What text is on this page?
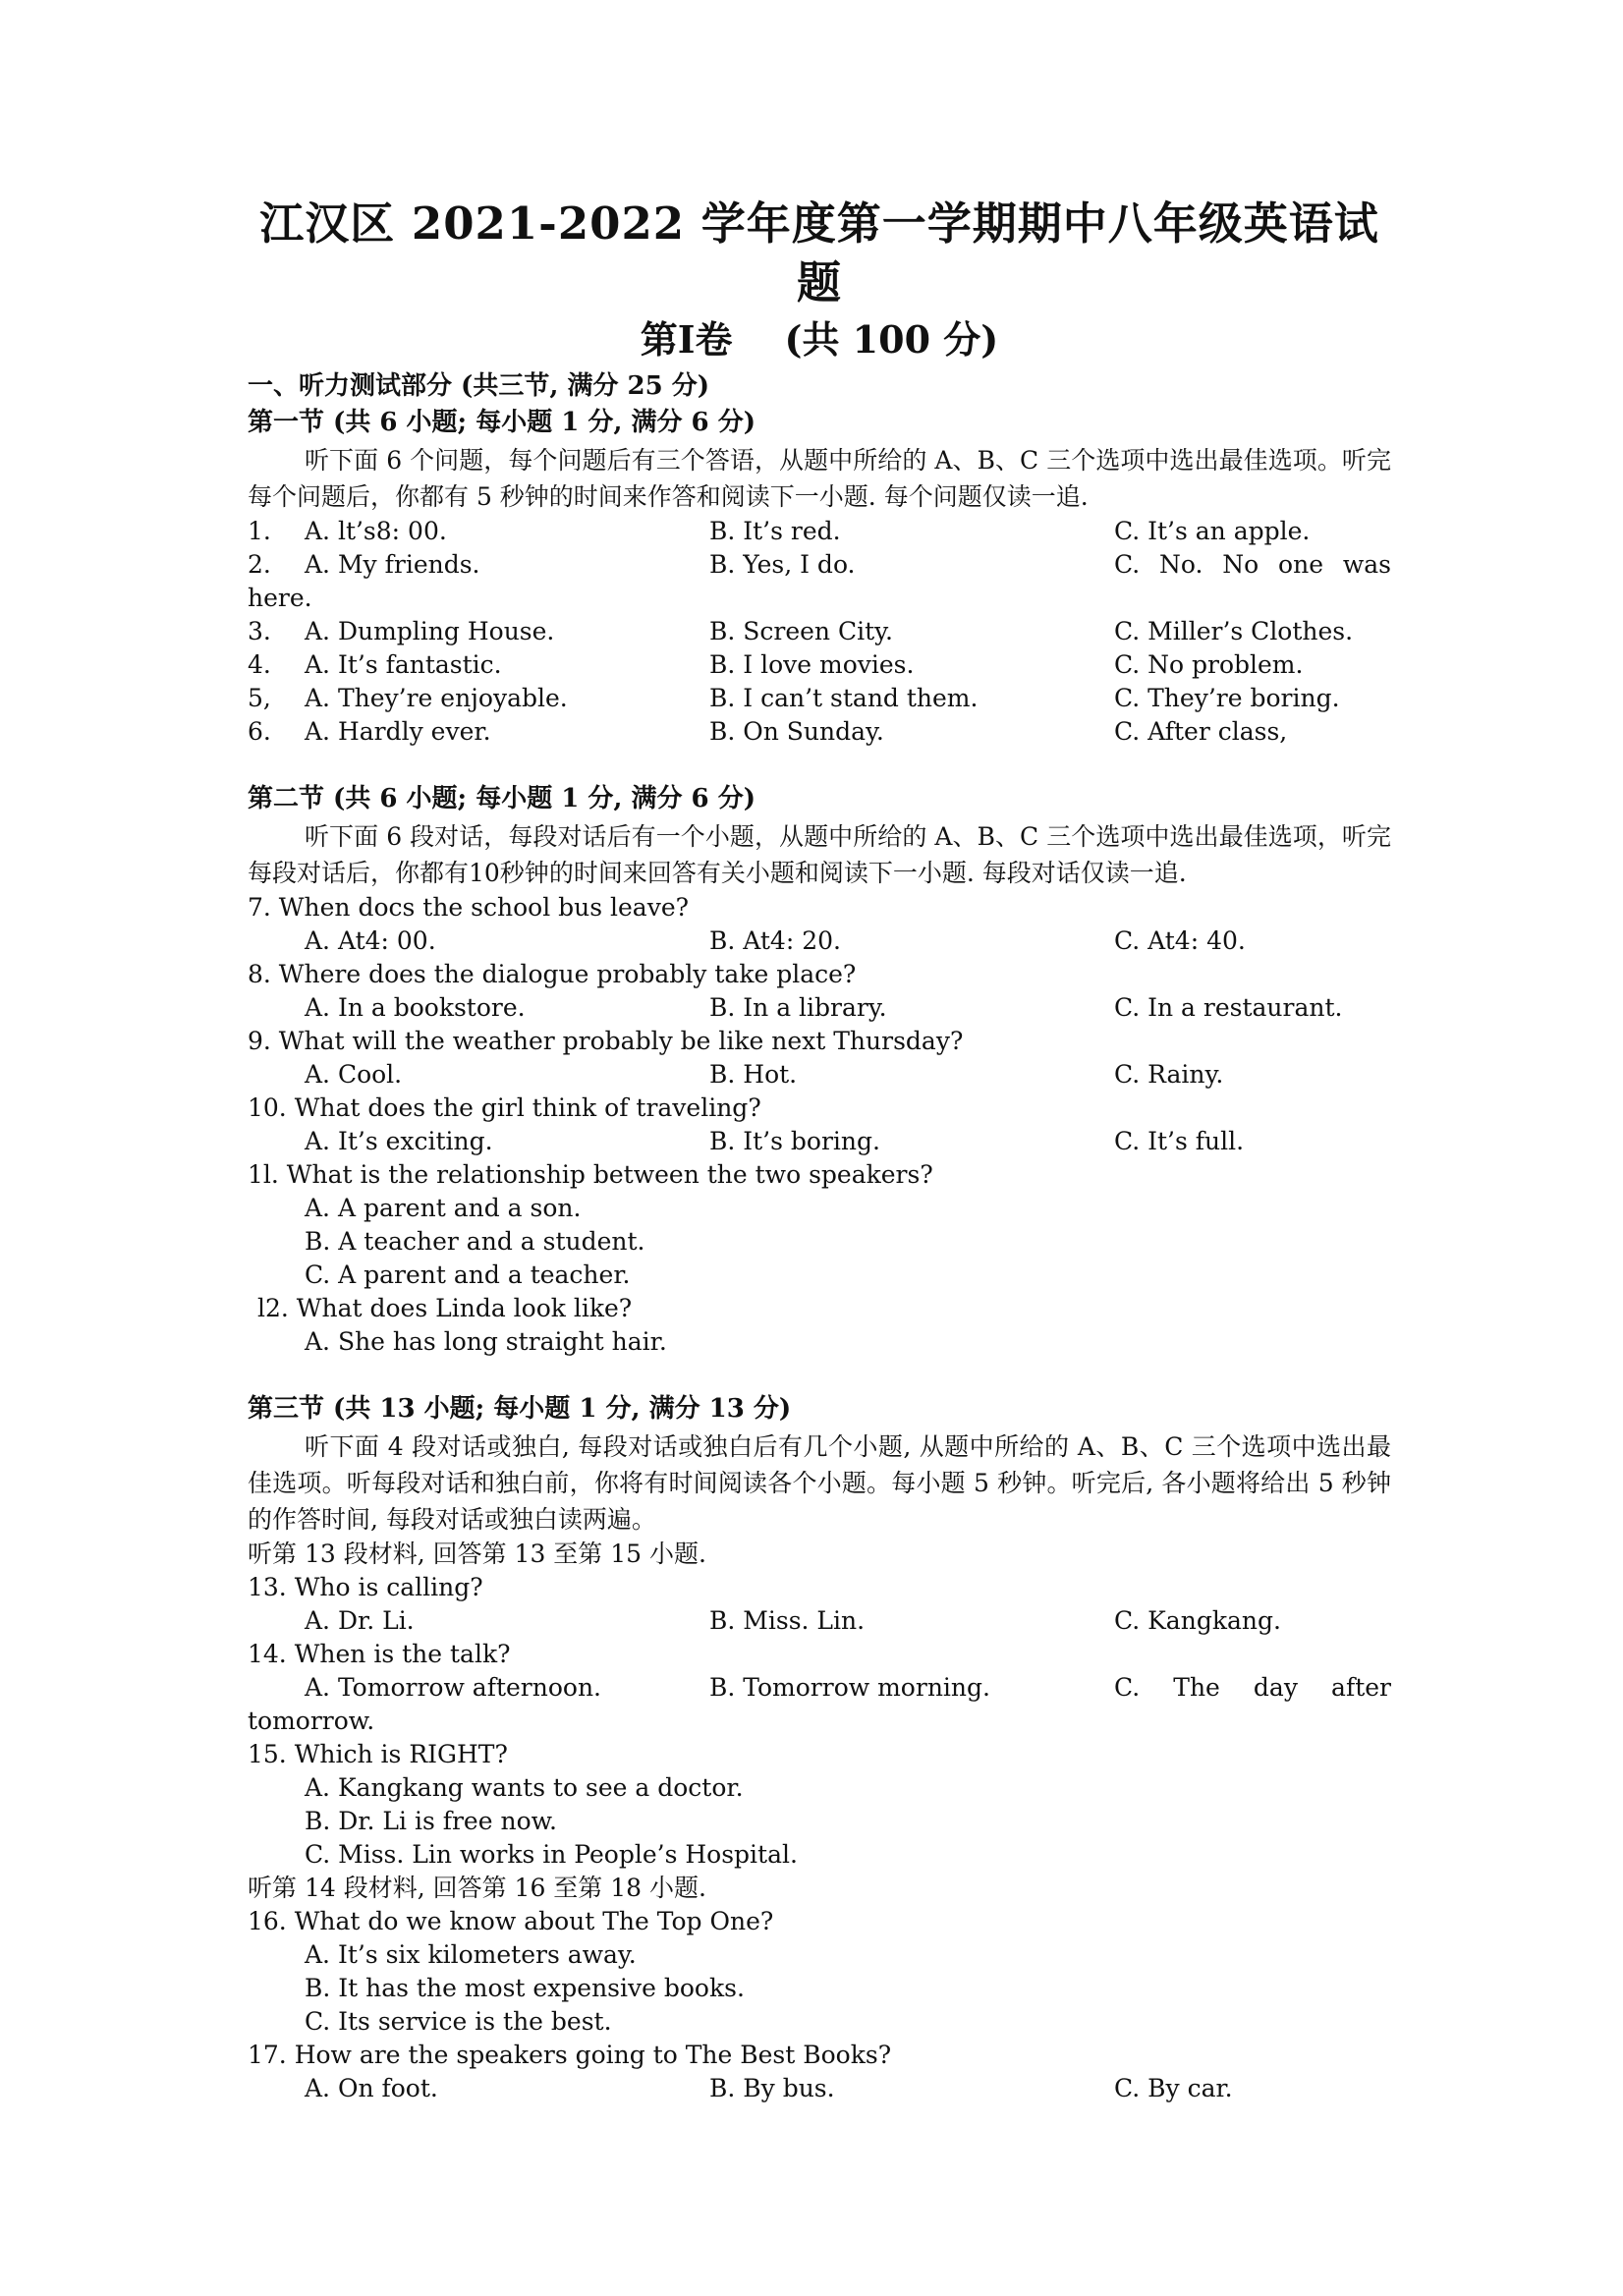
江汉区 2021-2022 学年度第一学期期中八年级英语试题
第Ⅰ卷    (共 100 分)
一、听力测试部分 (共三节, 满分 25 分)
第一节 (共 6 小题; 每小题 1 分, 满分 6 分)

听下面 6 个问题，每个问题后有三个答语，从题中所给的 A、B、C 三个选项中选出最佳选项。听完每个问题后，你都有 5 秒钟的时间来作答和阅读下一小题. 每个问题仅读一追.

1. A. lt’s8: 00.	B. It’s red.	C. It’s an apple.
2. A. My friends.	B. Yes, I do.	C. No. No one was
here.
3. A. Dumpling House.	B. Screen City.	C. Miller’s Clothes.
4. A. It’s fantastic.	B. I love movies.	C. No problem.
5, A. They’re enjoyable.	B. I can’t stand them.	C. They’re boring.
6. A. Hardly ever.	B. On Sunday.	C. After class,
第二节 (共 6 小题; 每小题 1 分, 满分 6 分)

听下面 6 段对话，每段对话后有一个小题，从题中所给的 A、B、C 三个选项中选出最佳选项，听完每段对话后，你都有10秒钟的时间来回答有关小题和阅读下一小题. 每段对话仅读一追.

7. When docs the school bus leave?
A. At4: 00.	B. At4: 20.	C. At4: 40.
8. Where does the dialogue probably take place?
A. In a bookstore.	B. In a library.	C. In a restaurant.
9. What will the weather probably be like next Thursday?
A. Cool.	B. Hot.	C. Rainy.
10. What does the girl think of traveling?
A. It’s exciting.	B. It’s boring.	C. It’s full.
1l. What is the relationship between the two speakers?
A. A parent and a son.
B. A teacher and a student.
C. A parent and a teacher.
l2. What does Linda look like?
A. She has long straight hair.
第三节 (共 13 小题; 每小题 1 分, 满分 13 分)

听下面 4 段对话或独白, 每段对话或独白后有几个小题, 从题中所给的 A、B、C 三个选项中选出最佳选项。听每段对话和独白前，你将有时间阅读各个小题。每小题 5 秒钟。听完后, 各小题将给出 5 秒钟的作答时间, 每段对话或独白读两遍。

听第 13 段材料, 回答第 13 至第 15 小题.
13. Who is calling?
A. Dr. Li.	B. Miss. Lin.	C. Kangkang.
14. When is the talk?
A. Tomorrow afternoon.	B. Tomorrow morning.	C. The day after
tomorrow.
15. Which is RIGHT?
A. Kangkang wants to see a doctor.
B. Dr. Li is free now.
C. Miss. Lin works in People’s Hospital.
听第 14 段材料, 回答第 16 至第 18 小题.
16. What do we know about The Top One?
A. It’s six kilometers away.
B. It has the most expensive books.
C. Its service is the best.
17. How are the speakers going to The Best Books?
A. On foot.	B. By bus.	C. By car.
